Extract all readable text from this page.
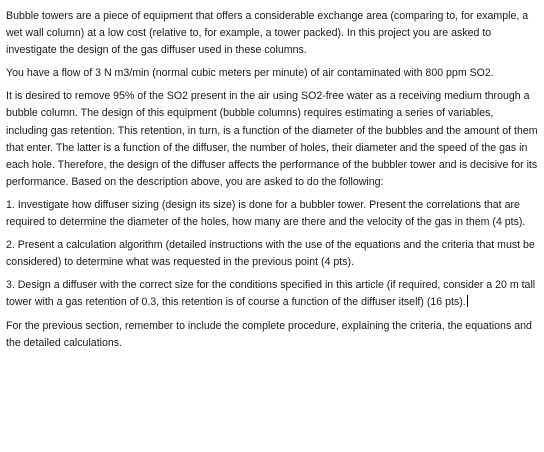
Bubble towers are a piece of equipment that offers a considerable exchange area (comparing to, for example, a wet wall column) at a low cost (relative to, for example, a tower packed). In this project you are asked to investigate the design of the gas diffuser used in these columns.

You have a flow of 3 N m3/min (normal cubic meters per minute) of air contaminated with 800 ppm SO2.

It is desired to remove 95% of the SO2 present in the air using SO2-free water as a receiving medium through a bubble column. The design of this equipment (bubble columns) requires estimating a series of variables, including gas retention. This retention, in turn, is a function of the diameter of the bubbles and the amount of them that enter. The latter is a function of the diffuser, the number of holes, their diameter and the speed of the gas in each hole. Therefore, the design of the diffuser affects the performance of the bubbler tower and is decisive for its performance. Based on the description above, you are asked to do the following:

1. Investigate how diffuser sizing (design its size) is done for a bubbler tower. Present the correlations that are required to determine the diameter of the holes, how many are there and the velocity of the gas in them (4 pts).

2. Present a calculation algorithm (detailed instructions with the use of the equations and the criteria that must be considered) to determine what was requested in the previous point (4 pts).

3. Design a diffuser with the correct size for the conditions specified in this article (if required, consider a 20 m tall tower with a gas retention of 0.3, this retention is of course a function of the diffuser itself) (16 pts).

For the previous section, remember to include the complete procedure, explaining the criteria, the equations and the detailed calculations.
